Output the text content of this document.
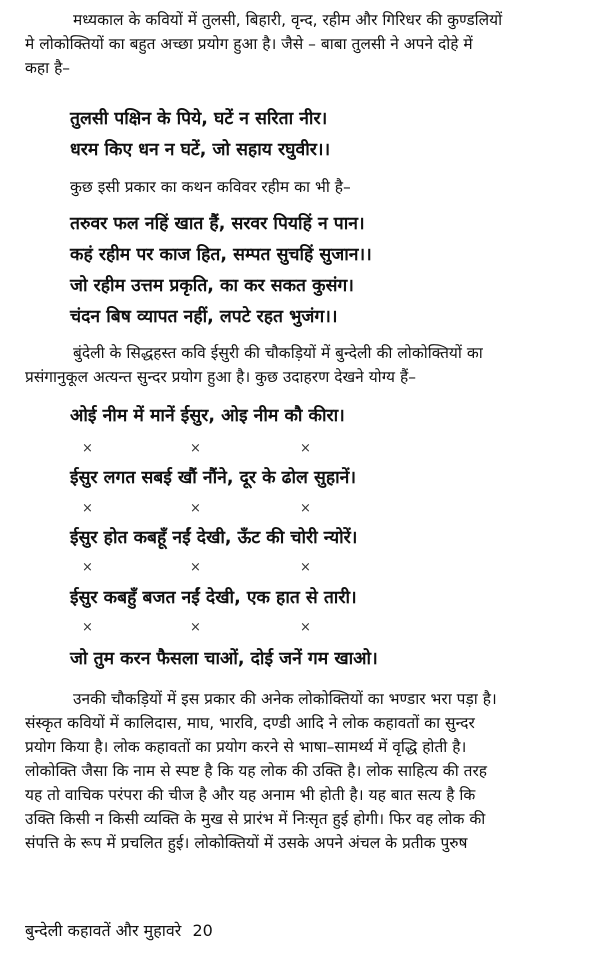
मध्यकाल के कवियों में तुलसी, बिहारी, वृन्द, रहीम और गिरिधर की कुण्डलियों
मे लोकोक्तियों का बहुत अच्छा प्रयोग हुआ है। जैसे – बाबा तुलसी ने अपने दोहे में
कहा है–

तुलसी पक्षिन के पिये, घटें न सरिता नीर।
धरम किए धन न घटें, जो सहाय रघुवीर।।

कुछ इसी प्रकार का कथन कविवर रहीम का भी है–

तरुवर फल नहिं खात हैं, सरवर पियहिं न पान।
कहं रहीम पर काज हित, सम्पत सुचहिं सुजान।।
जो रहीम उत्तम प्रकृति, का कर सकत कुसंग।
चंदन बिष व्यापत नहीं, लपटे रहत भुजंग।।

बुंदेली के सिद्धहस्त कवि ईसुरी की चौकड़ियों में बुन्देली की लोकोक्तियों का
प्रसंगानुकूल अत्यन्त सुन्दर प्रयोग हुआ है। कुछ उदाहरण देखने योग्य हैं–

ओई नीम में मानें ईसुर, ओइ नीम कौ कीरा।
×	×	×
ईसुर लगत सबई खौं नौंने, दूर के ढोल सुहानें।
×	×	×
ईसुर होत कबहूँ नईं देखी, ऊँट की चोरी न्योरें।
×	×	×
ईसुर कबहुँ बजत नईं देखी, एक हात से तारी।
×	×	×
जो तुम करन फैसला चाओं, दोई जनें गम खाओ।

उनकी चौकड़ियों में इस प्रकार की अनेक लोकोक्तियों का भण्डार भरा पड़ा है।
संस्कृत कवियों में कालिदास, माघ, भारवि, दण्डी आदि ने लोक कहावतों का सुन्दर
प्रयोग किया है। लोक कहावतों का प्रयोग करने से भाषा–सामर्थ्य में वृद्धि होती है।
लोकोक्ति जैसा कि नाम से स्पष्ट है कि यह लोक की उक्ति है। लोक साहित्य की तरह
यह तो वाचिक परंपरा की चीज है और यह अनाम भी होती है। यह बात सत्य है कि
उक्ति किसी न किसी व्यक्ति के मुख से प्रारंभ में निःसृत हुई होगी। फिर वह लोक की
संपत्ति के रूप में प्रचलित हुई। लोकोक्तियों में उसके अपने अंचल के प्रतीक पुरुष

बुन्देली कहावतें और मुहावरे 20
